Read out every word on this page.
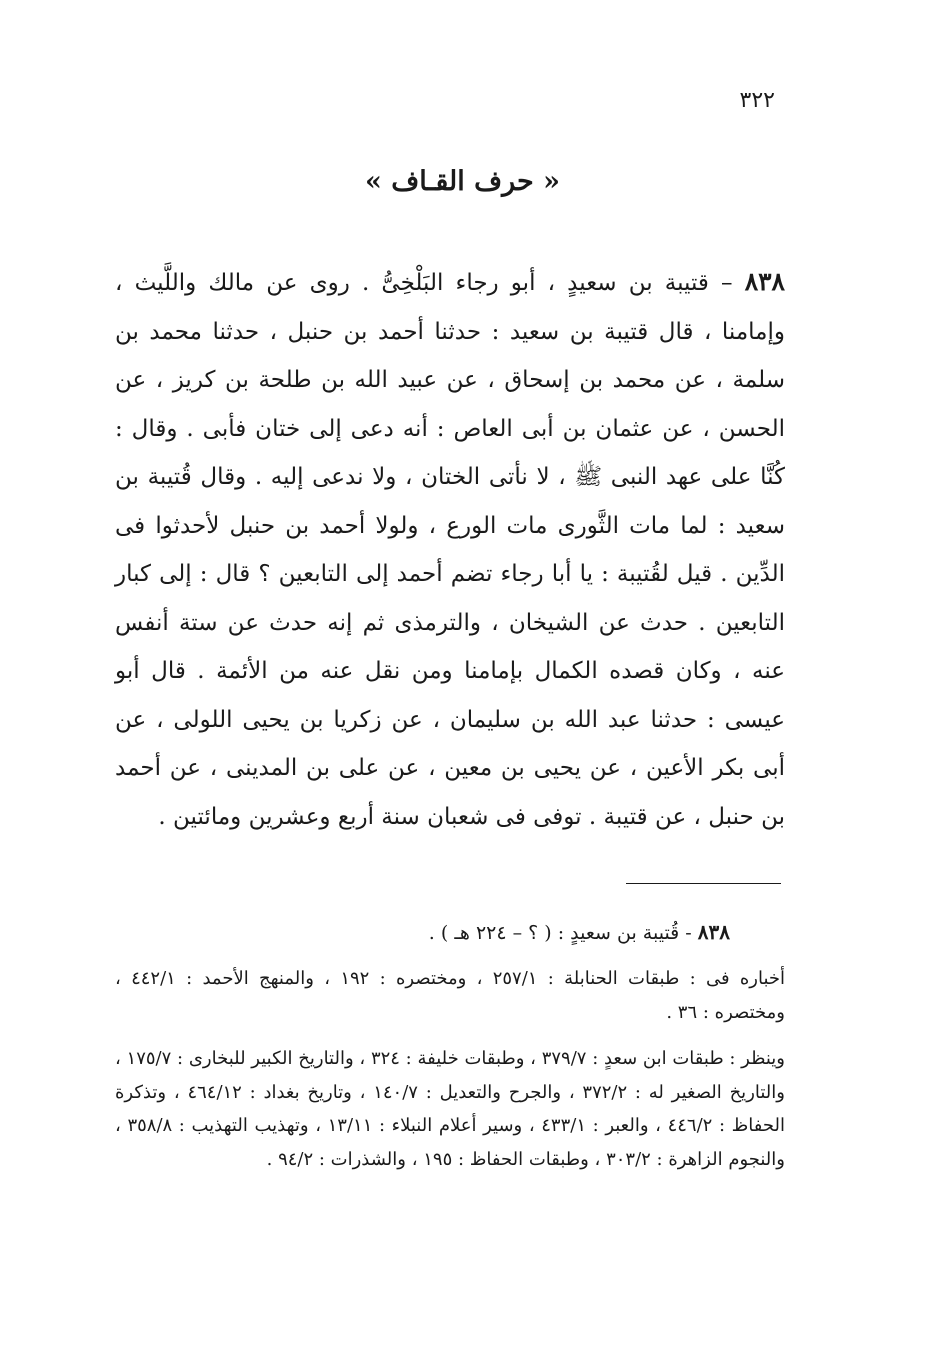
٣٢٢
« حرف القـاف »
٨٣٨ – قتيبة بن سعيدٍ ، أبو رجاء البَلْخِىُّ . روى عن مالك واللَّيث ، وإمامنا ، قال قتيبة بن سعيد : حدثنا أحمد بن حنبل ، حدثنا محمد بن سلمة ، عن محمد بن إسحاق ، عن عبيد الله بن طلحة بن كريز ، عن الحسن ، عن عثمان بن أبى العاص : أنه دعى إلى ختان فأبى . وقال : كُنَّا على عهد النبى ﷺ ، لا نأتى الختان ، ولا ندعى إليه . وقال قُتيبة بن سعيد : لما مات الثَّورى مات الورع ، ولولا أحمد بن حنبل لأحدثوا فى الدِّين . قيل لقُتيبة : يا أبا رجاء تضم أحمد إلى التابعين ؟ قال : إلى كبار التابعين . حدث عن الشيخان ، والترمذى ثم إنه حدث عن ستة أنفس عنه ، وكان قصده الكمال بإمامنا ومن نقل عنه من الأئمة . قال أبو عيسى : حدثنا عبد الله بن سليمان ، عن زكريا بن يحيى اللولى ، عن أبى بكر الأعين ، عن يحيى بن معين ، عن على بن المدينى ، عن أحمد بن حنبل ، عن قتيبة . توفى فى شعبان سنة أربع وعشرين ومائتين .
٨٣٨ - قُتيبة بن سعيدٍ : ( ؟ – ٢٢٤ هـ ) .
أخباره فى : طبقات الحنابلة : ٢٥٧/١ ، ومختصره : ١٩٢ ، والمنهج الأحمد : ٤٤٢/١ ، ومختصره : ٣٦ .
وينظر : طبقات ابن سعدٍ : ٣٧٩/٧ ، وطبقات خليفة : ٣٢٤ ، والتاريخ الكبير للبخارى : ١٧٥/٧ ، والتاريخ الصغير له : ٣٧٢/٢ ، والجرح والتعديل : ١٤٠/٧ ، وتاريخ بغداد : ٤٦٤/١٢ ، وتذكرة الحفاظ : ٤٤٦/٢ ، والعبر : ٤٣٣/١ ، وسير أعلام النبلاء : ١٣/١١ ، وتهذيب التهذيب : ٣٥٨/٨ ، والنجوم الزاهرة : ٣٠٣/٢ ، وطبقات الحفاظ : ١٩٥ ، والشذرات : ٩٤/٢ .
